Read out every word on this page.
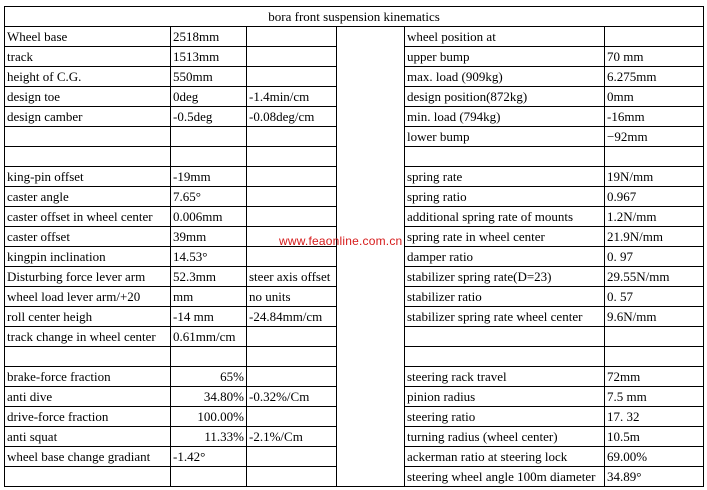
bora front suspension kinematics					
Wheel base	2518mm			wheel position at	
track	1513mm			upper bump	70 mm
height of C.G.	550mm			max. load (909kg)	6.275mm
design toe	0deg	-1.4min/cm		design position(872kg)	0mm
design camber	-0.5deg	-0.08deg/cm		min. load (794kg)	-16mm
				lower bump	−92mm

king-pin offset	-19mm			spring rate	19N/mm
caster angle	7.65°			spring ratio	0.967
caster offset in wheel center	0.006mm			additional spring rate of mounts	1.2N/mm
caster offset	39mm			spring rate in wheel center	21.9N/mm
kingpin inclination	14.53°			damper ratio	0. 97
Disturbing force lever arm	52.3mm	steer axis offset		stabilizer spring rate(D=23)	29.55N/mm
wheel load lever arm/+20	mm	no units		stabilizer ratio	0. 57
roll center heigh	-14 mm	-24.84mm/cm		stabilizer spring rate wheel center	9.6N/mm
track change in wheel center	0.61mm/cm				

brake-force fraction	65%			steering rack travel	72mm
anti dive	34.80%	-0.32%/Cm		pinion radius	7.5 mm
drive-force fraction	100.00%			steering ratio	17. 32
anti squat	11.33%	-2.1%/Cm		turning radius (wheel center)	10.5m
wheel base change gradiant	-1.42°			ackerman ratio at steering lock	69.00%
				steering wheel angle 100m diameter	34.89°
www.feaonline.com.cn
